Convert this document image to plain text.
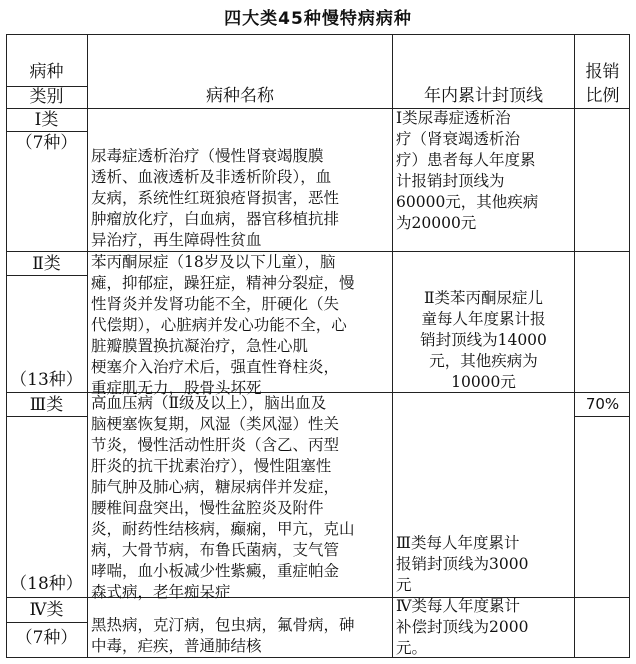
四大类45种慢特病病种
病种
类别	病种名称	年内累计封顶线
报销
比例
Ⅰ类
（7种）
尿毒症透析治疗（慢性肾衰竭腹膜
透析、血液透析及非透析阶段），血
友病，系统性红斑狼疮肾损害，恶性
肿瘤放化疗，白血病，器官移植抗排
异治疗，再生障碍性贫血
Ⅰ类尿毒症透析治
疗（肾衰竭透析治
疗）患者每人年度累
计报销封顶线为
60000元，其他疾病
为20000元
Ⅱ类
（13种）
苯丙酮尿症（18岁及以下儿童），脑
瘫，抑郁症，躁狂症，精神分裂症，慢
性肾炎并发肾功能不全，肝硬化（失
代偿期），心脏病并发心功能不全，心
脏瓣膜置换抗凝治疗，急性心肌
梗塞介入治疗术后，强直性脊柱炎，
重症肌无力，股骨头坏死
Ⅱ类苯丙酮尿症儿
童每人年度累计报
销封顶线为14000
元，其他疾病为
10000元
Ⅲ类
（18种）
70%
高血压病（Ⅱ级及以上），脑出血及
脑梗塞恢复期，风湿（类风湿）性关
节炎，慢性活动性肝炎（含乙、丙型
肝炎的抗干扰素治疗），慢性阻塞性
肺气肿及肺心病，糖尿病伴并发症，
腰椎间盘突出，慢性盆腔炎及附件
炎，耐药性结核病，癫痫，甲亢，克山
病，大骨节病，布鲁氏菌病，支气管
哮喘，血小板减少性紫癜，重症帕金
森式病，老年痴呆症
Ⅲ类每人年度累计
报销封顶线为3000
元
Ⅳ类
（7种）
黑热病，克汀病，包虫病，氟骨病，砷
中毒，疟疾，普通肺结核
Ⅳ类每人年度累计
补偿封顶线为2000
元。
